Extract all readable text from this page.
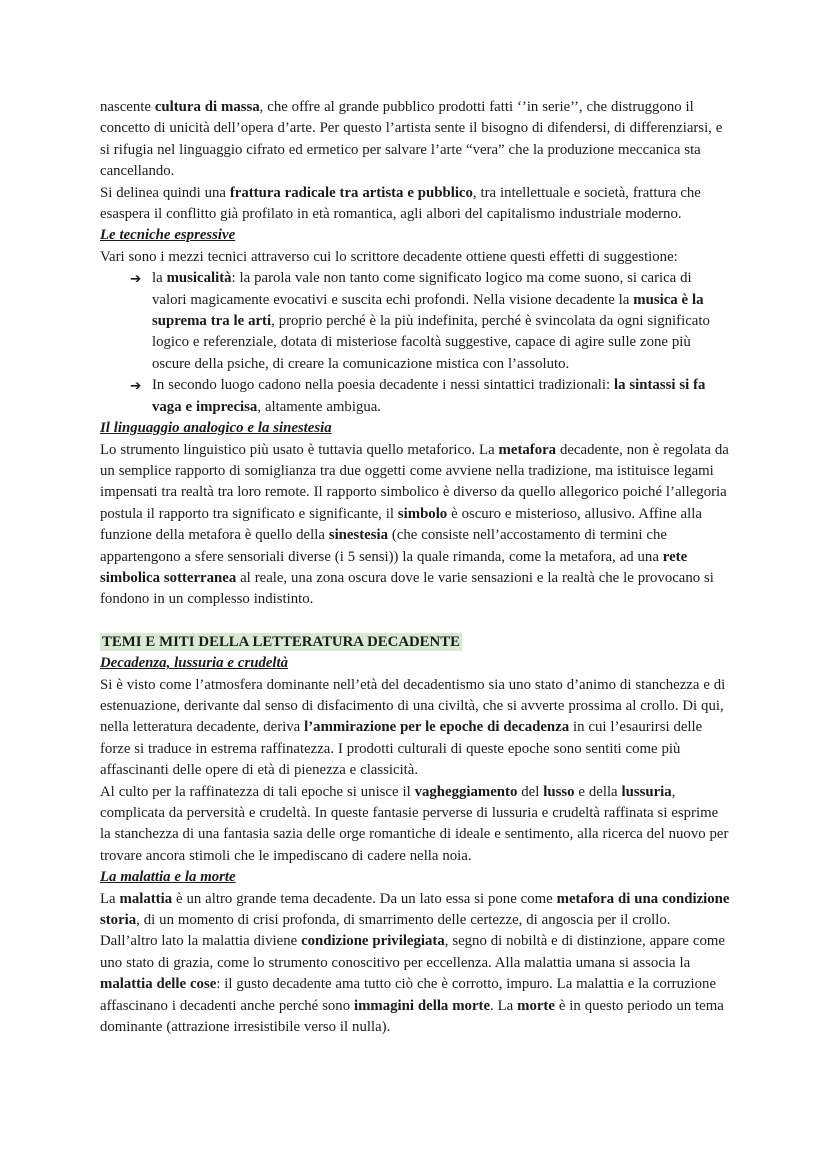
nascente cultura di massa, che offre al grande pubblico prodotti fatti ‘’in serie’’, che distruggono il concetto di unicità dell’opera d’arte. Per questo l’artista sente il bisogno di difendersi, di differenziarsi, e si rifugia nel linguaggio cifrato ed ermetico per salvare l’arte “vera” che la produzione meccanica sta cancellando.
Si delinea quindi una frattura radicale tra artista e pubblico, tra intellettuale e società, frattura che esaspera il conflitto già profilato in età romantica, agli albori del capitalismo industriale moderno.
Le tecniche espressive
Vari sono i mezzi tecnici attraverso cui lo scrittore decadente ottiene questi effetti di suggestione:
➔ la musicalità: la parola vale non tanto come significato logico ma come suono, si carica di valori magicamente evocativi e suscita echi profondi. Nella visione decadente la musica è la suprema tra le arti, proprio perché è la più indefinita, perché è svincolata da ogni significato logico e referenziale, dotata di misteriose facoltà suggestive, capace di agire sulle zone più oscure della psiche, di creare la comunicazione mistica con l’assoluto.
➔ In secondo luogo cadono nella poesia decadente i nessi sintattici tradizionali: la sintassi si fa vaga e imprecisa, altamente ambigua.
Il linguaggio analogico e la sinestesia
Lo strumento linguistico più usato è tuttavia quello metaforico. La metafora decadente, non è regolata da un semplice rapporto di somiglianza tra due oggetti come avviene nella tradizione, ma istituisce legami impensati tra realtà tra loro remote. Il rapporto simbolico è diverso da quello allegorico poiché l’allegoria postula il rapporto tra significato e significante, il simbolo è oscuro e misterioso, allusivo. Affine alla funzione della metafora è quello della sinestesia (che consiste nell’accostamento di termini che appartengono a sfere sensoriali diverse (i 5 sensi)) la quale rimanda, come la metafora, ad una rete simbolica sotterranea al reale, una zona oscura dove le varie sensazioni e la realtà che le provocano si fondono in un complesso indistinto.
TEMI E MITI DELLA LETTERATURA DECADENTE
Decadenza, lussuria e crudeltà
Si è visto come l’atmosfera dominante nell’età del decadentismo sia uno stato d’animo di stanchezza e di estenuazione, derivante dal senso di disfacimento di una civiltà, che si avverte prossima al crollo. Di qui, nella letteratura decadente, deriva l’ammirazione per le epoche di decadenza in cui l’esaurirsi delle forze si traduce in estrema raffinatezza. I prodotti culturali di queste epoche sono sentiti come più affascinanti delle opere di età di pienezza e classicità.
Al culto per la raffinatezza di tali epoche si unisce il vagheggiamento del lusso e della lussuria, complicata da perversità e crudeltà. In queste fantasie perverse di lussuria e crudeltà raffinata si esprime la stanchezza di una fantasia sazia delle orge romantiche di ideale e sentimento, alla ricerca del nuovo per trovare ancora stimoli che le impediscano di cadere nella noia.
La malattia e la morte
La malattia è un altro grande tema decadente. Da un lato essa si pone come metafora di una condizione storia, di un momento di crisi profonda, di smarrimento delle certezze, di angoscia per il crollo. Dall’altro lato la malattia diviene condizione privilegiata, segno di nobiltà e di distinzione, appare come uno stato di grazia, come lo strumento conoscitivo per eccellenza. Alla malattia umana si associa la malattia delle cose: il gusto decadente ama tutto ciò che è corrotto, impuro. La malattia e la corruzione affascinano i decadenti anche perché sono immagini della morte. La morte è in questo periodo un tema dominante (attrazione irresistibile verso il nulla).
